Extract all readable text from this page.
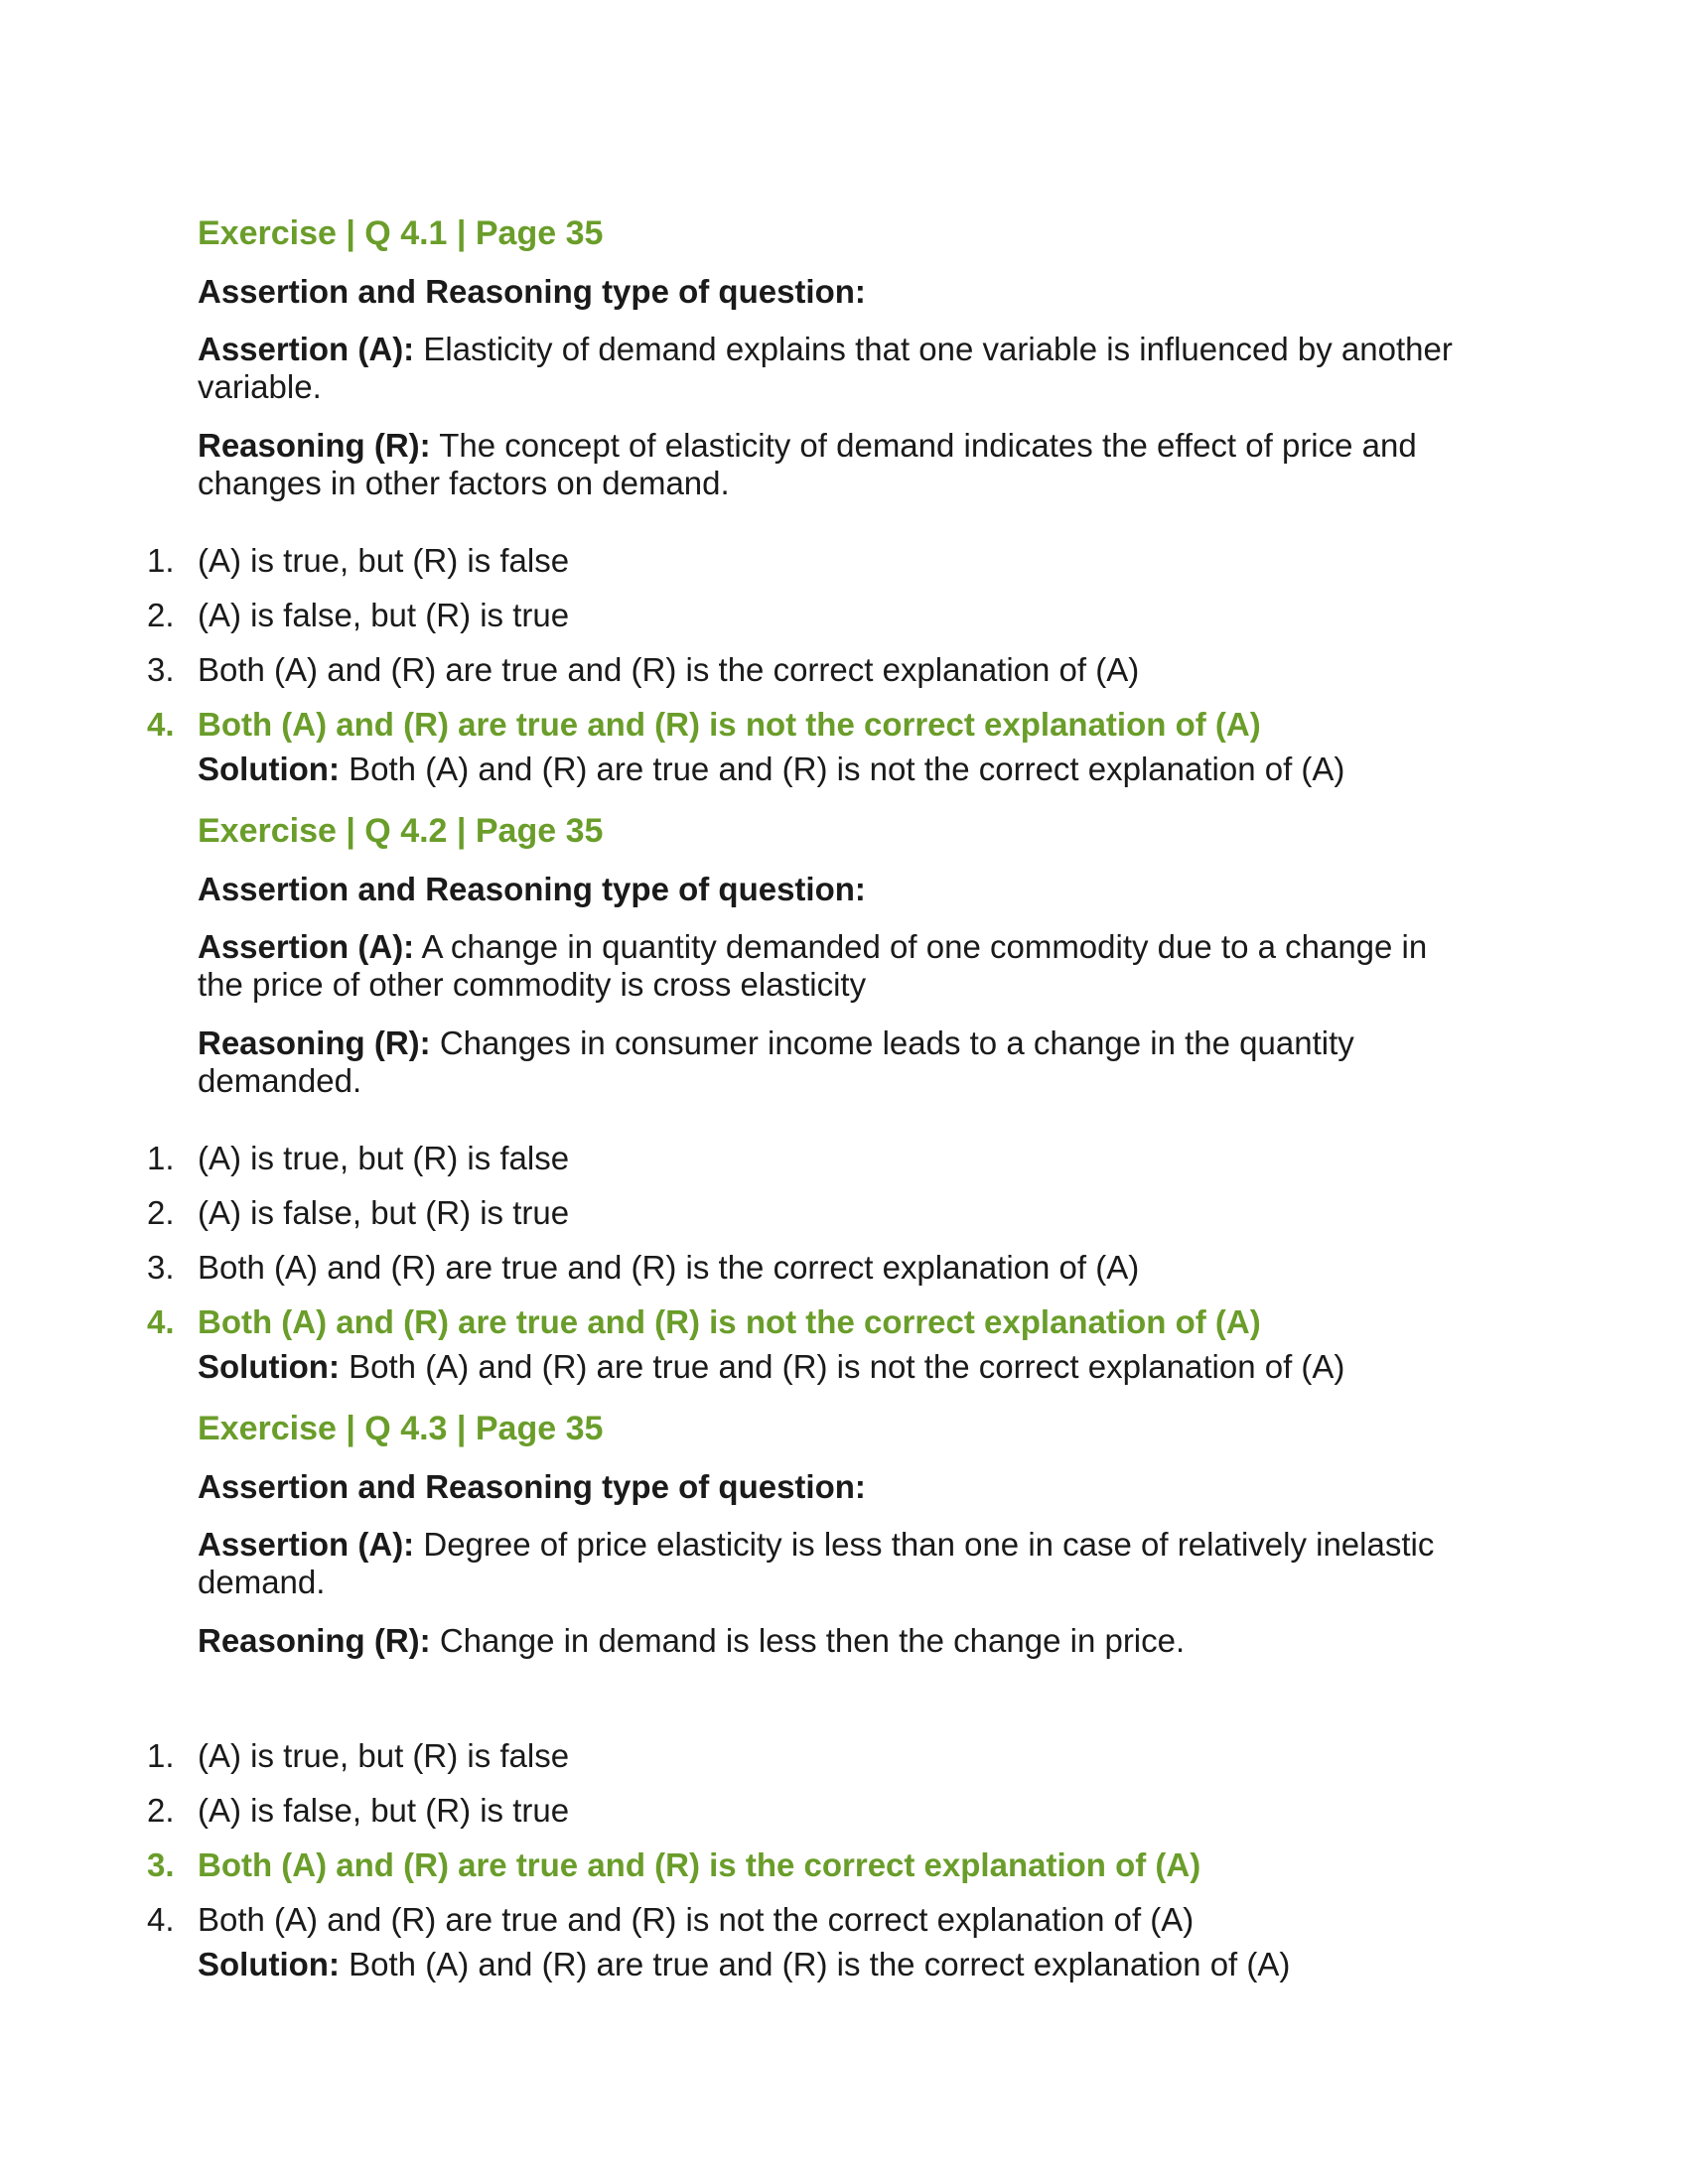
Exercise | Q 4.1 | Page 35
Assertion and Reasoning type of question:
Assertion (A): Elasticity of demand explains that one variable is influenced by another variable.
Reasoning (R): The concept of elasticity of demand indicates the effect of price and changes in other factors on demand.
1. (A) is true, but (R) is false
2. (A) is false, but (R) is true
3. Both (A) and (R) are true and (R) is the correct explanation of (A)
4. Both (A) and (R) are true and (R) is not the correct explanation of (A)
Solution: Both (A) and (R) are true and (R) is not the correct explanation of (A)
Exercise | Q 4.2 | Page 35
Assertion and Reasoning type of question:
Assertion (A): A change in quantity demanded of one commodity due to a change in the price of other commodity is cross elasticity
Reasoning (R): Changes in consumer income leads to a change in the quantity demanded.
1. (A) is true, but (R) is false
2. (A) is false, but (R) is true
3. Both (A) and (R) are true and (R) is the correct explanation of (A)
4. Both (A) and (R) are true and (R) is not the correct explanation of (A)
Solution: Both (A) and (R) are true and (R) is not the correct explanation of (A)
Exercise | Q 4.3 | Page 35
Assertion and Reasoning type of question:
Assertion (A): Degree of price elasticity is less than one in case of relatively inelastic demand.
Reasoning (R): Change in demand is less then the change in price.
1. (A) is true, but (R) is false
2. (A) is false, but (R) is true
3. Both (A) and (R) are true and (R) is the correct explanation of (A)
4. Both (A) and (R) are true and (R) is not the correct explanation of (A)
Solution: Both (A) and (R) are true and (R) is the correct explanation of (A)
